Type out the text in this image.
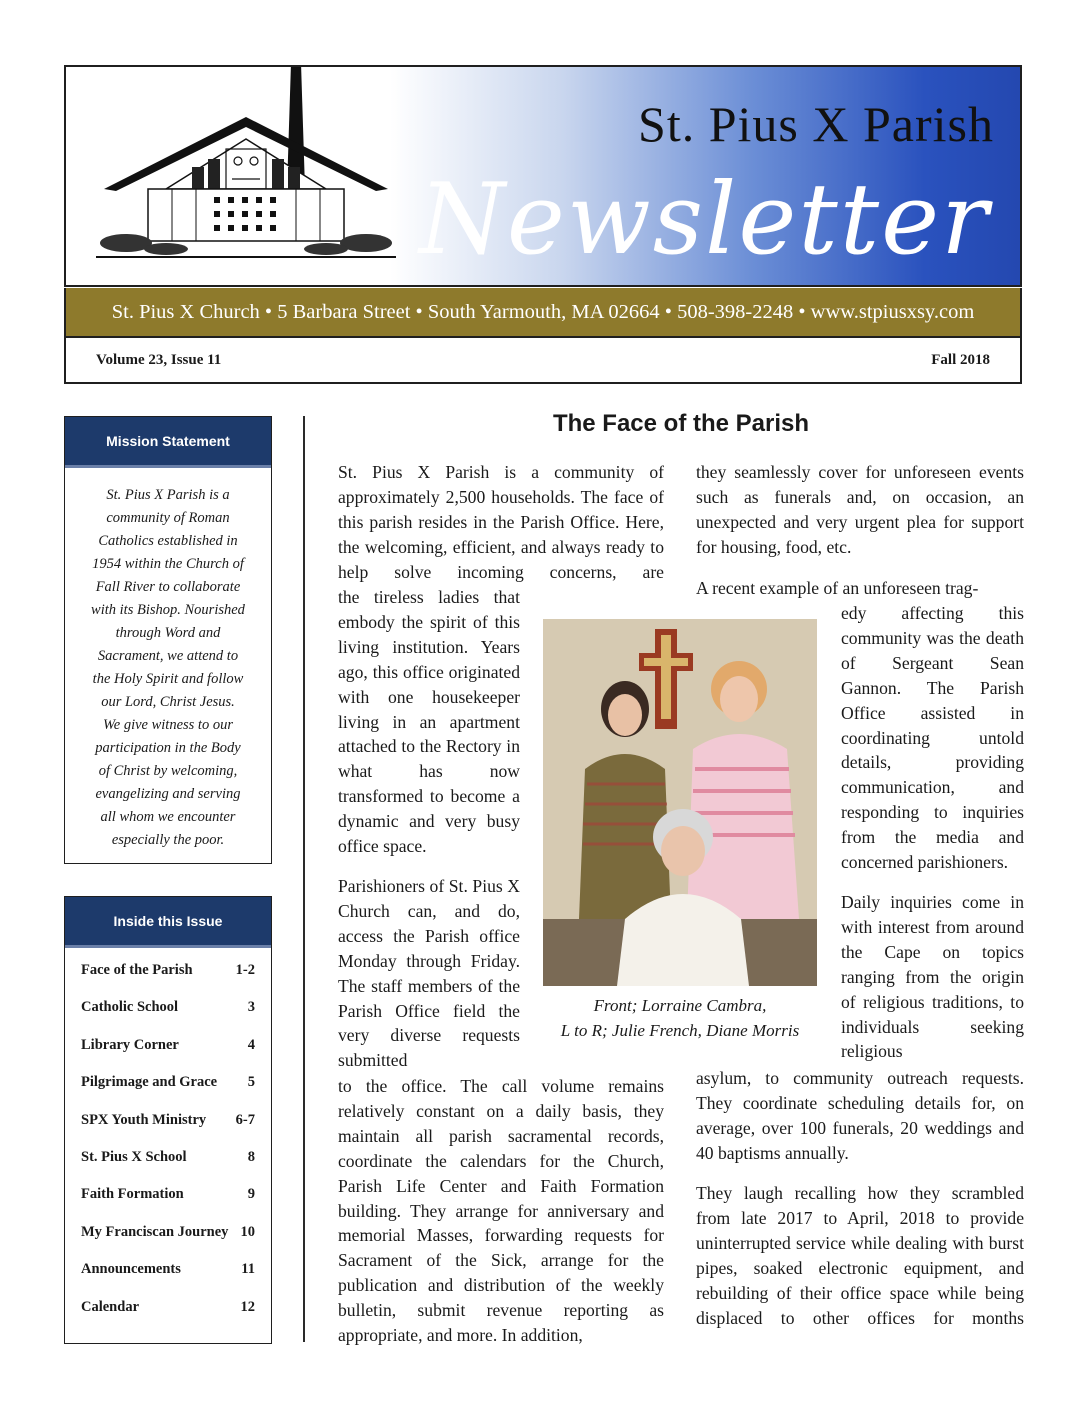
St. Pius X Parish
Newsletter
St. Pius X Church • 5 Barbara Street • South Yarmouth, MA 02664 • 508-398-2248 • www.stpiusxsy.com
Volume 23, Issue 11	Fall 2018
Mission Statement
St. Pius X Parish is a
community of Roman
Catholics established in
1954 within the Church of
Fall River to collaborate
with its Bishop. Nourished
through Word and
Sacrament, we attend to
the Holy Spirit and follow
our Lord, Christ Jesus.
We give witness to our
participation in the Body
of Christ by welcoming,
evangelizing and serving
all whom we encounter
especially the poor.
Inside this Issue
Face of the Parish	1-2
Catholic School	3
Library Corner	4
Pilgrimage and Grace 5
SPX Youth Ministry 6-7
St. Pius X School	8
Faith Formation	9
My Franciscan Journey 10
Announcements	11
Calendar	12
The Face of the Parish

St. Pius X Parish is a community of approximately 2,500 households. The face of this parish resides in the Parish Office. Here, the welcoming, efficient, and always ready to help solve incoming concerns, are

the tireless ladies that embody the spirit of this living institution. Years ago, this office originated with one housekeeper living in an apartment attached to the Rectory in what has now transformed to become a dynamic and very busy office space.

Parishioners of St. Pius X Church can, and do, access the Parish office Monday through Friday. The staff members of the Parish Office field the very diverse requests submitted

to the office. The call volume remains relatively constant on a daily basis, they maintain all parish sacramental records, coordinate the calendars for the Church, Parish Life Center and Faith Formation building. They arrange for anniversary and memorial Masses, forwarding requests for Sacrament of the Sick, arrange for the publication and distribution of the weekly bulletin, submit revenue reporting as appropriate, and more. In addition,

they seamlessly cover for unforeseen events such as funerals and, on occasion, an unexpected and very urgent plea for support for housing, food, etc.

A recent example of an unforeseen trag-

edy affecting this community was the death of Sergeant Sean Gannon. The Parish Office assisted in coordinating untold details, providing communication, and responding to inquiries from the media and concerned parishioners.

Daily inquiries come in with interest from around the Cape on topics ranging from the origin of religious traditions, to individuals seeking religious

asylum, to community outreach requests. They coordinate scheduling details for, on average, over 100 funerals, 20 weddings and 40 baptisms annually.

They laugh recalling how they scrambled from late 2017 to April, 2018 to provide uninterrupted service while dealing with burst pipes, soaked electronic equipment, and rebuilding of their office space while being displaced to other offices for months

Front; Lorraine Cambra,
L to R; Julie French, Diane Morris
